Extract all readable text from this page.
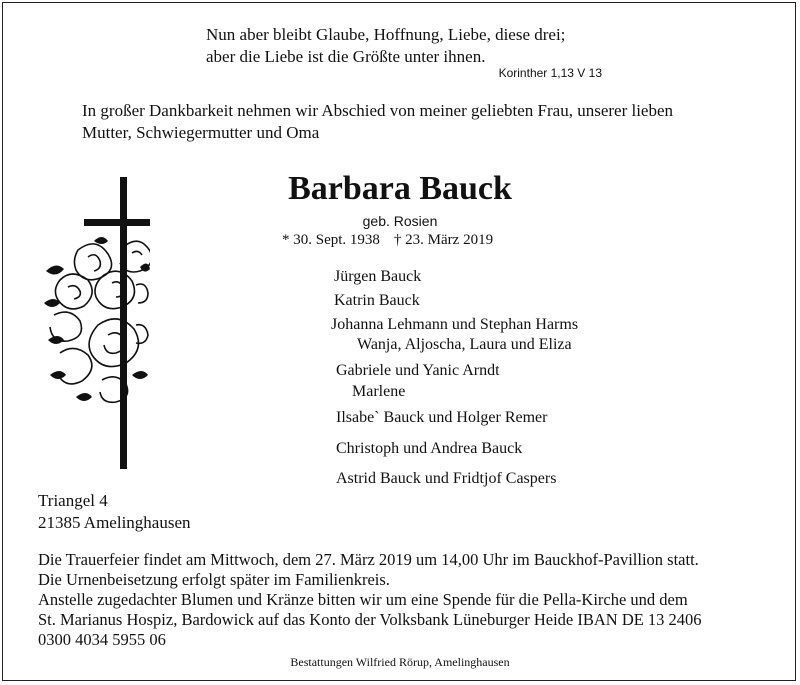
Nun aber bleibt Glaube, Hoffnung, Liebe, diese drei;
aber die Liebe ist die Größte unter ihnen.
Korinther 1,13 V 13
In großer Dankbarkeit nehmen wir Abschied von meiner geliebten Frau, unserer lieben
Mutter, Schwiegermutter und Oma
Barbara Bauck
geb. Rosien
* 30. Sept. 1938 † 23. März 2019
Jürgen Bauck
Katrin Bauck
Johanna Lehmann und Stephan Harms
Wanja, Aljoscha, Laura und Eliza
Gabriele und Yanic Arndt
Marlene
Ilsabe` Bauck und Holger Remer
Christoph und Andrea Bauck
Astrid Bauck und Fridtjof Caspers
Triangel 4
21385 Amelinghausen
Die Trauerfeier findet am Mittwoch, dem 27. März 2019 um 14,00 Uhr im Bauckhof-Pavillion statt.
Die Urnenbeisetzung erfolgt später im Familienkreis.
Anstelle zugedachter Blumen und Kränze bitten wir um eine Spende für die Pella-Kirche und dem
St. Marianus Hospiz, Bardowick auf das Konto der Volksbank Lüneburger Heide IBAN DE 13 2406
0300 4034 5955 06
Bestattungen Wilfried Rörup, Amelinghausen
